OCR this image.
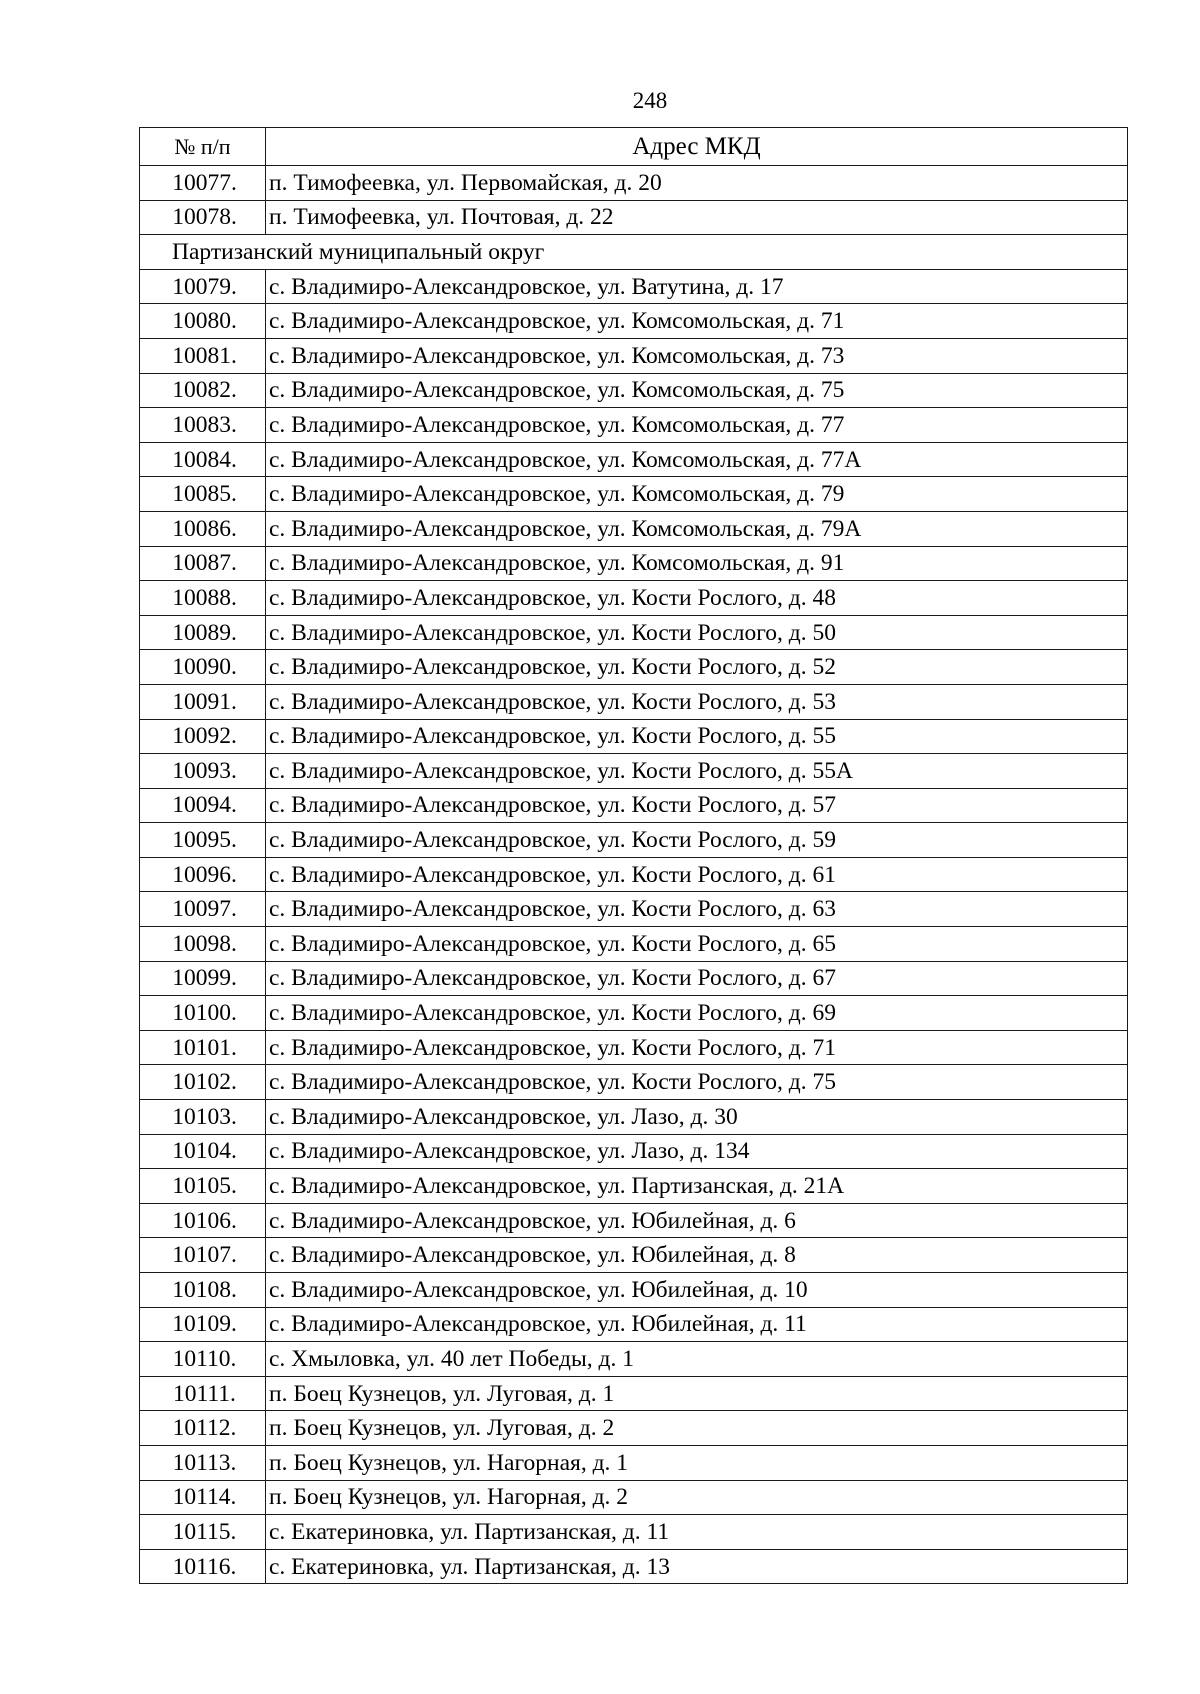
248
№ п/п	Адрес МКД
10077.	п. Тимофеевка, ул. Первомайская, д. 20
10078.	п. Тимофеевка, ул. Почтовая, д. 22
Партизанский муниципальный округ	
10079.	с. Владимиро-Александровское, ул. Ватутина, д. 17
10080.	с. Владимиро-Александровское, ул. Комсомольская, д. 71
10081.	с. Владимиро-Александровское, ул. Комсомольская, д. 73
10082.	с. Владимиро-Александровское, ул. Комсомольская, д. 75
10083.	с. Владимиро-Александровское, ул. Комсомольская, д. 77
10084.	с. Владимиро-Александровское, ул. Комсомольская, д. 77А
10085.	с. Владимиро-Александровское, ул. Комсомольская, д. 79
10086.	с. Владимиро-Александровское, ул. Комсомольская, д. 79А
10087.	с. Владимиро-Александровское, ул. Комсомольская, д. 91
10088.	с. Владимиро-Александровское, ул. Кости Рослого, д. 48
10089.	с. Владимиро-Александровское, ул. Кости Рослого, д. 50
10090.	с. Владимиро-Александровское, ул. Кости Рослого, д. 52
10091.	с. Владимиро-Александровское, ул. Кости Рослого, д. 53
10092.	с. Владимиро-Александровское, ул. Кости Рослого, д. 55
10093.	с. Владимиро-Александровское, ул. Кости Рослого, д. 55А
10094.	с. Владимиро-Александровское, ул. Кости Рослого, д. 57
10095.	с. Владимиро-Александровское, ул. Кости Рослого, д. 59
10096.	с. Владимиро-Александровское, ул. Кости Рослого, д. 61
10097.	с. Владимиро-Александровское, ул. Кости Рослого, д. 63
10098.	с. Владимиро-Александровское, ул. Кости Рослого, д. 65
10099.	с. Владимиро-Александровское, ул. Кости Рослого, д. 67
10100.	с. Владимиро-Александровское, ул. Кости Рослого, д. 69
10101.	с. Владимиро-Александровское, ул. Кости Рослого, д. 71
10102.	с. Владимиро-Александровское, ул. Кости Рослого, д. 75
10103.	с. Владимиро-Александровское, ул. Лазо, д. 30
10104.	с. Владимиро-Александровское, ул. Лазо, д. 134
10105.	с. Владимиро-Александровское, ул. Партизанская, д. 21А
10106.	с. Владимиро-Александровское, ул. Юбилейная, д. 6
10107.	с. Владимиро-Александровское, ул. Юбилейная, д. 8
10108.	с. Владимиро-Александровское, ул. Юбилейная, д. 10
10109.	с. Владимиро-Александровское, ул. Юбилейная, д. 11
10110.	с. Хмыловка, ул. 40 лет Победы, д. 1
10111.	п. Боец Кузнецов, ул. Луговая, д. 1
10112.	п. Боец Кузнецов, ул. Луговая, д. 2
10113.	п. Боец Кузнецов, ул. Нагорная, д. 1
10114.	п. Боец Кузнецов, ул. Нагорная, д. 2
10115.	с. Екатериновка, ул. Партизанская, д. 11
10116.	с. Екатериновка, ул. Партизанская, д. 13
